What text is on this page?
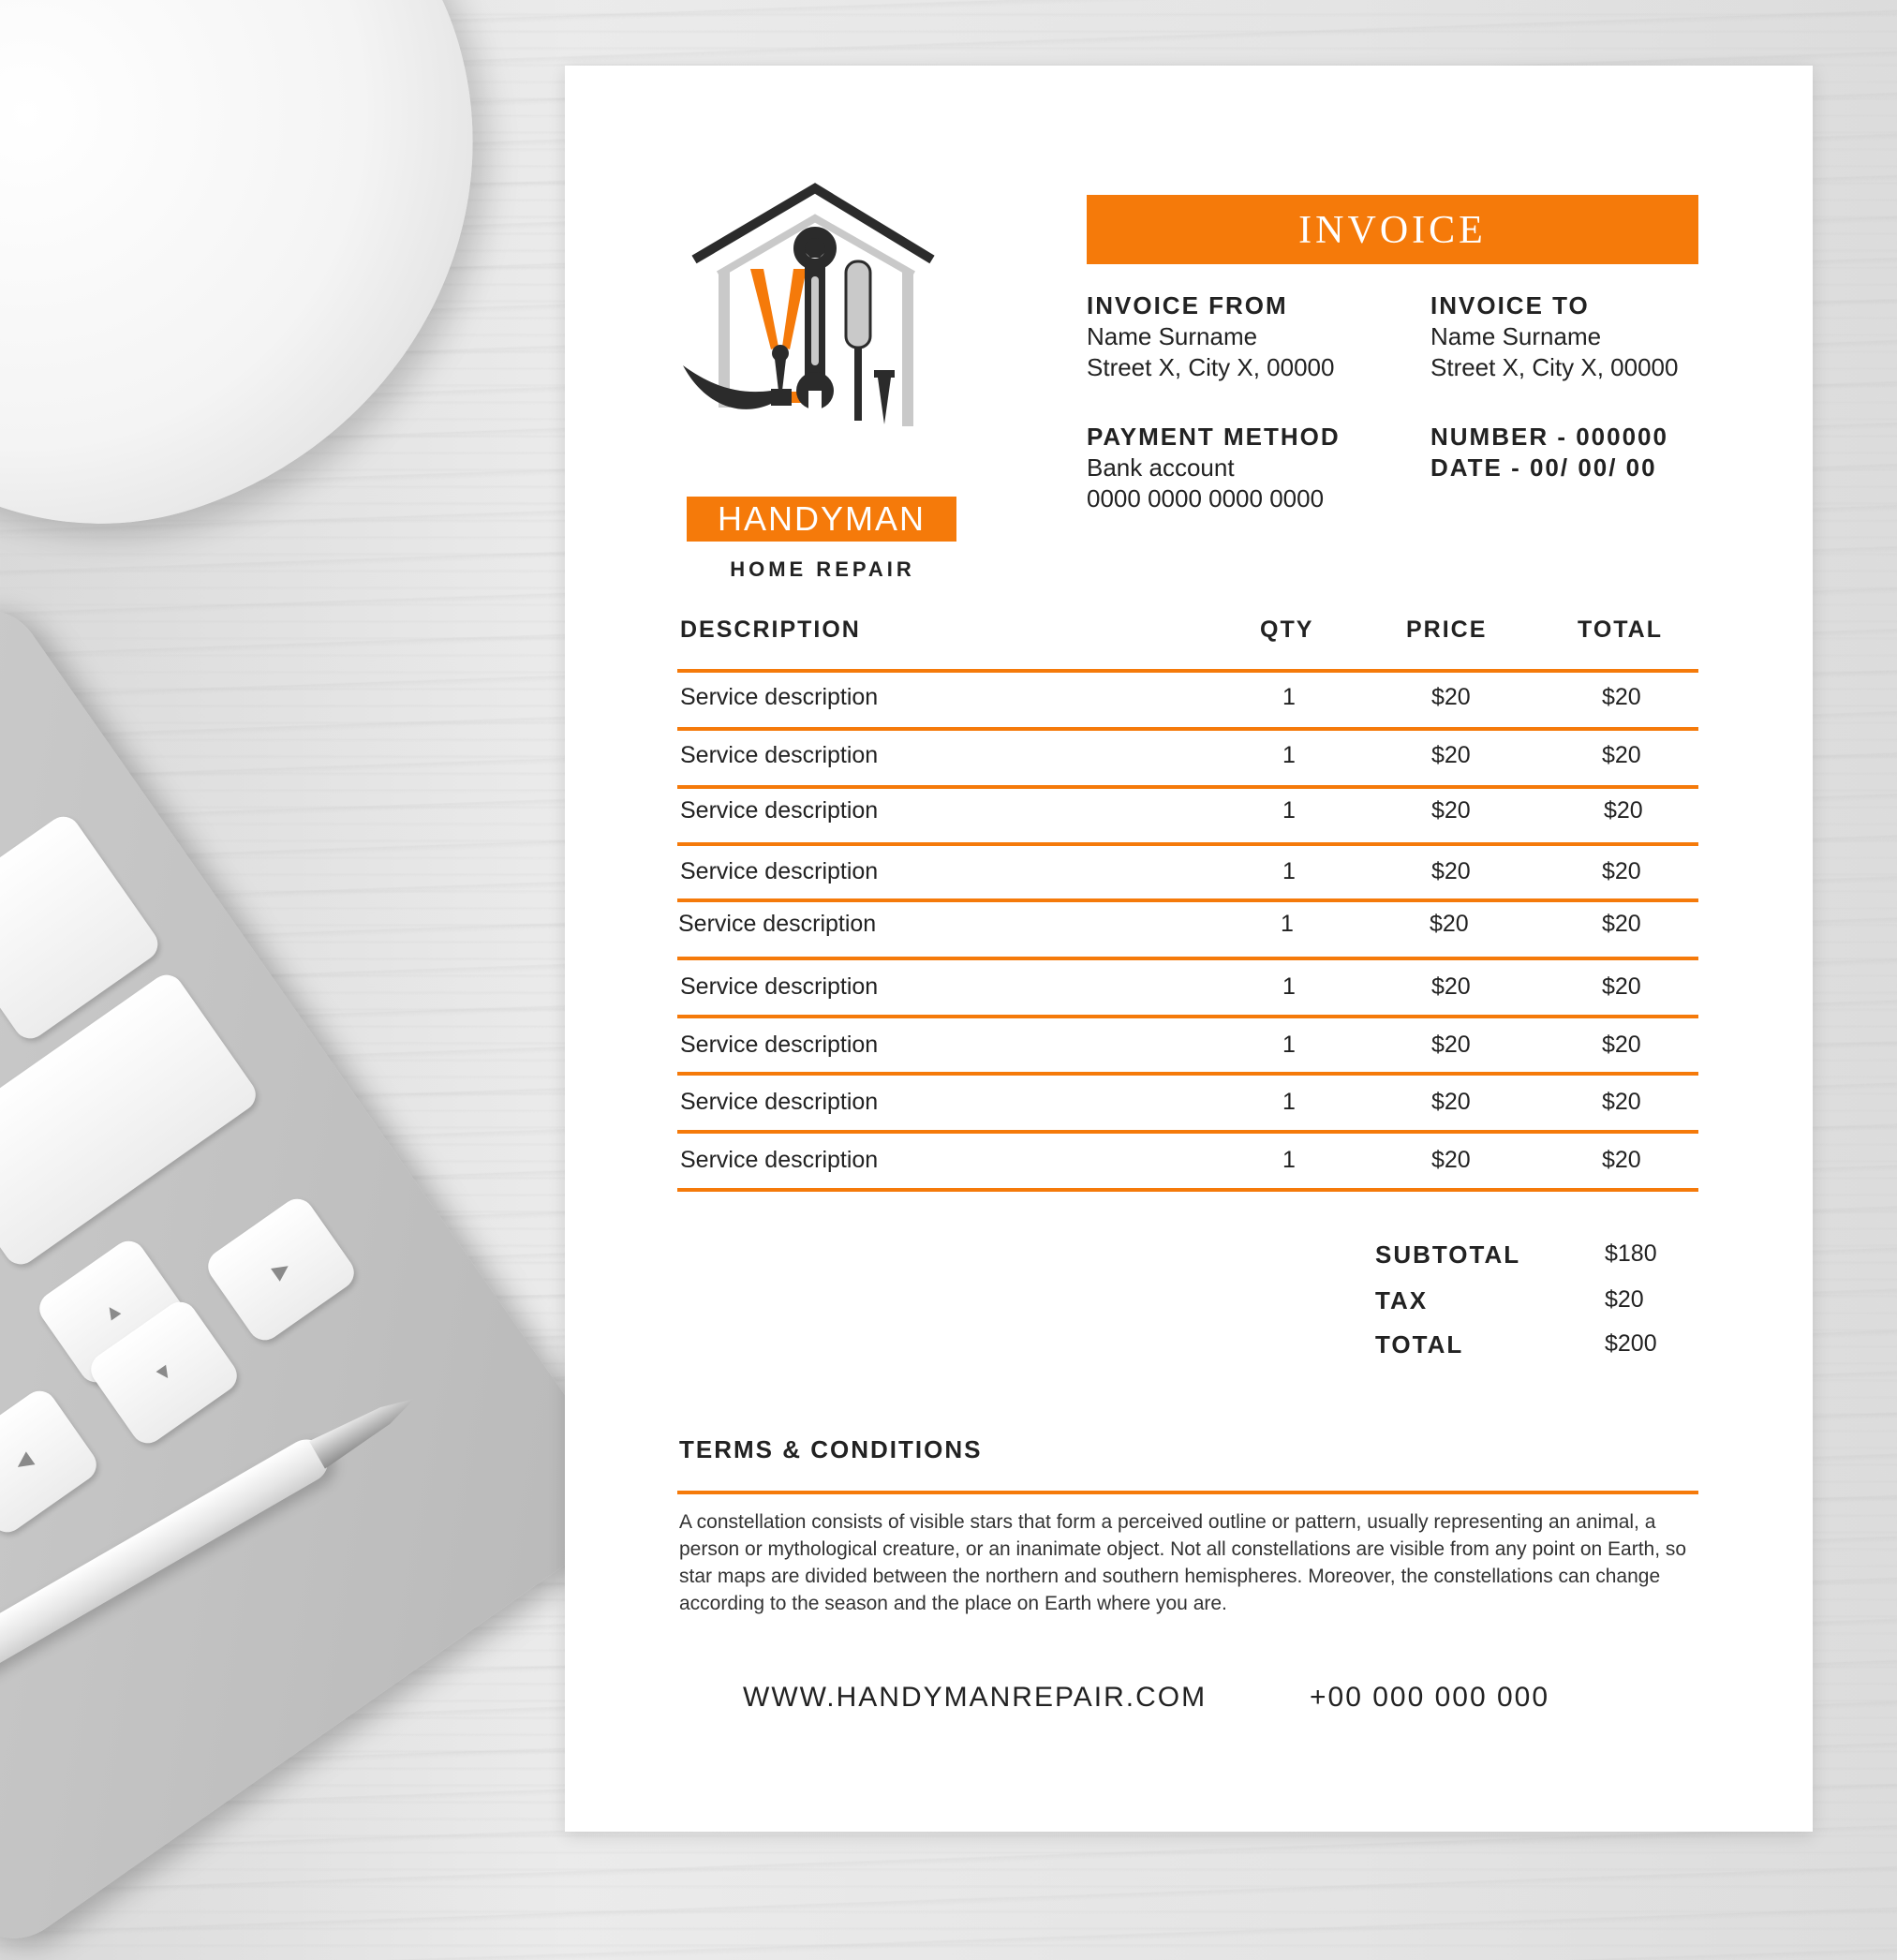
▲
▼
▶
◀
HANDYMAN
HOME REPAIR
INVOICE
INVOICE FROM
Name Surname
Street X, City X, 00000
INVOICE TO
Name Surname
Street X, City X, 00000
PAYMENT METHOD
Bank account
0000 0000 0000 0000
NUMBER - 000000
DATE - 00/ 00/ 00
DESCRIPTION	QTY	PRICE	TOTAL
Service description	1	$20	$20
Service description	1	$20	$20
Service description	1	$20	$20
Service description	1	$20	$20
Service description	1	$20	$20
Service description	1	$20	$20
Service description	1	$20	$20
Service description	1	$20	$20
Service description	1	$20	$20
SUBTOTAL	$180
TAX	$20
TOTAL	$200
TERMS & CONDITIONS
A constellation consists of visible stars that form a perceived outline or pattern, usually representing an animal, a person or mythological creature, or an inanimate object. Not all constellations are visible from any point on Earth, so star maps are divided between the northern and southern hemispheres. Moreover, the constellations can change according to the season and the place on Earth where you are.
WWW.HANDYMANREPAIR.COM	+00 000 000 000
